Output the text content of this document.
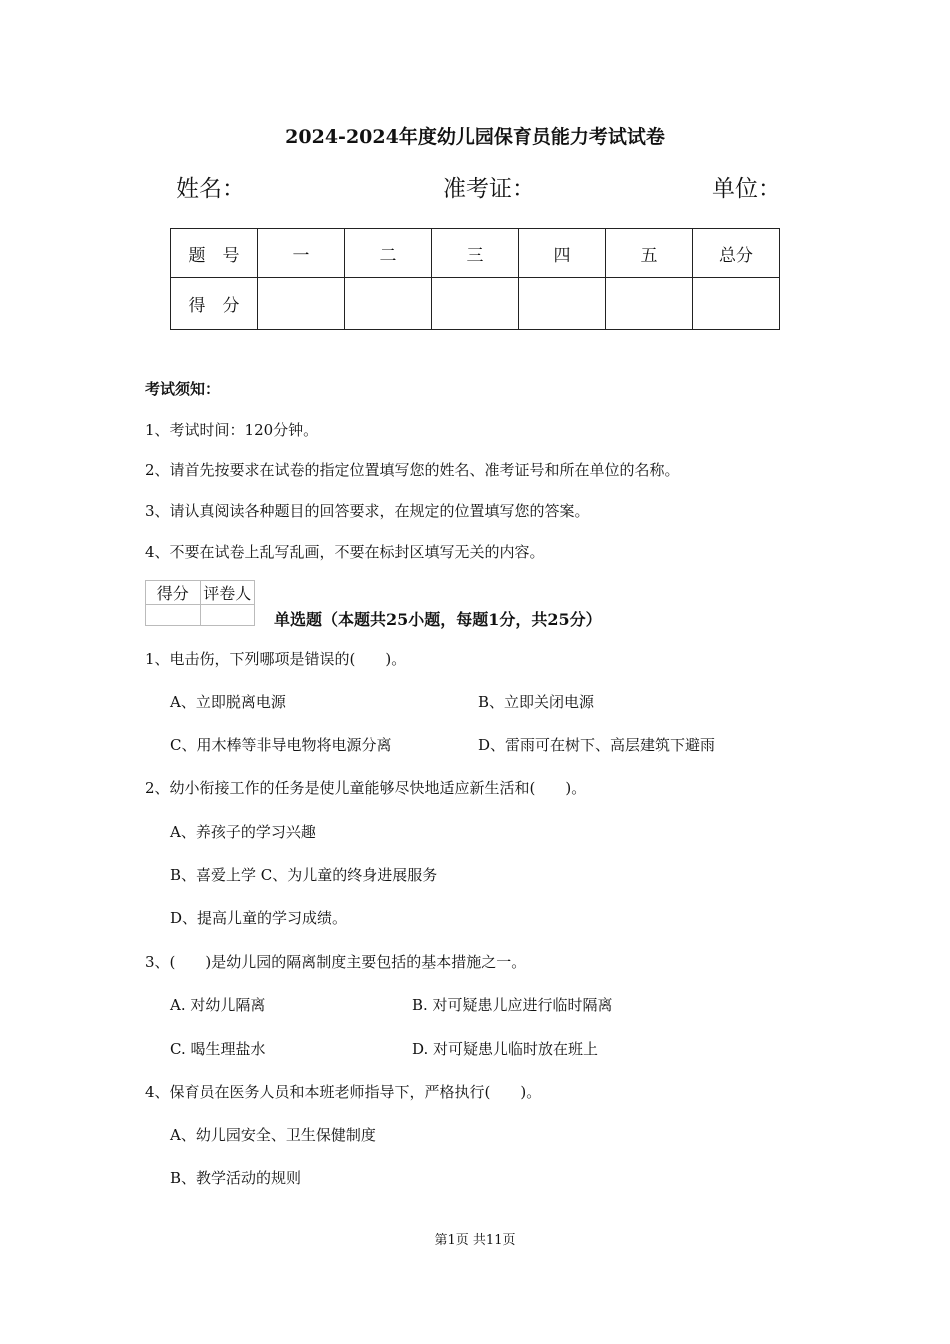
2024-2024年度幼儿园保育员能力考试试卷
姓名：	准考证：	单位：
题　号	一	二	三	四	五	总分
得　分						
考试须知：
1、考试时间：120分钟。
2、请首先按要求在试卷的指定位置填写您的姓名、准考证号和所在单位的名称。
3、请认真阅读各种题目的回答要求，在规定的位置填写您的答案。
4、不要在试卷上乱写乱画，不要在标封区填写无关的内容。
得分	评卷人

单选题（本题共25小题，每题1分，共25分）
1、电击伤，下列哪项是错误的(　　)。
A、立即脱离电源	B、立即关闭电源
C、用木棒等非导电物将电源分离	D、雷雨可在树下、高层建筑下避雨
2、幼小衔接工作的任务是使儿童能够尽快地适应新生活和(　　)。
A、养孩子的学习兴趣
B、喜爱上学 C、为儿童的终身进展服务
D、提高儿童的学习成绩。
3、(　　)是幼儿园的隔离制度主要包括的基本措施之一。
A. 对幼儿隔离	B. 对可疑患儿应进行临时隔离
C. 喝生理盐水	D. 对可疑患儿临时放在班上
4、保育员在医务人员和本班老师指导下，严格执行(　　)。
A、幼儿园安全、卫生保健制度
B、教学活动的规则
第1页 共11页
